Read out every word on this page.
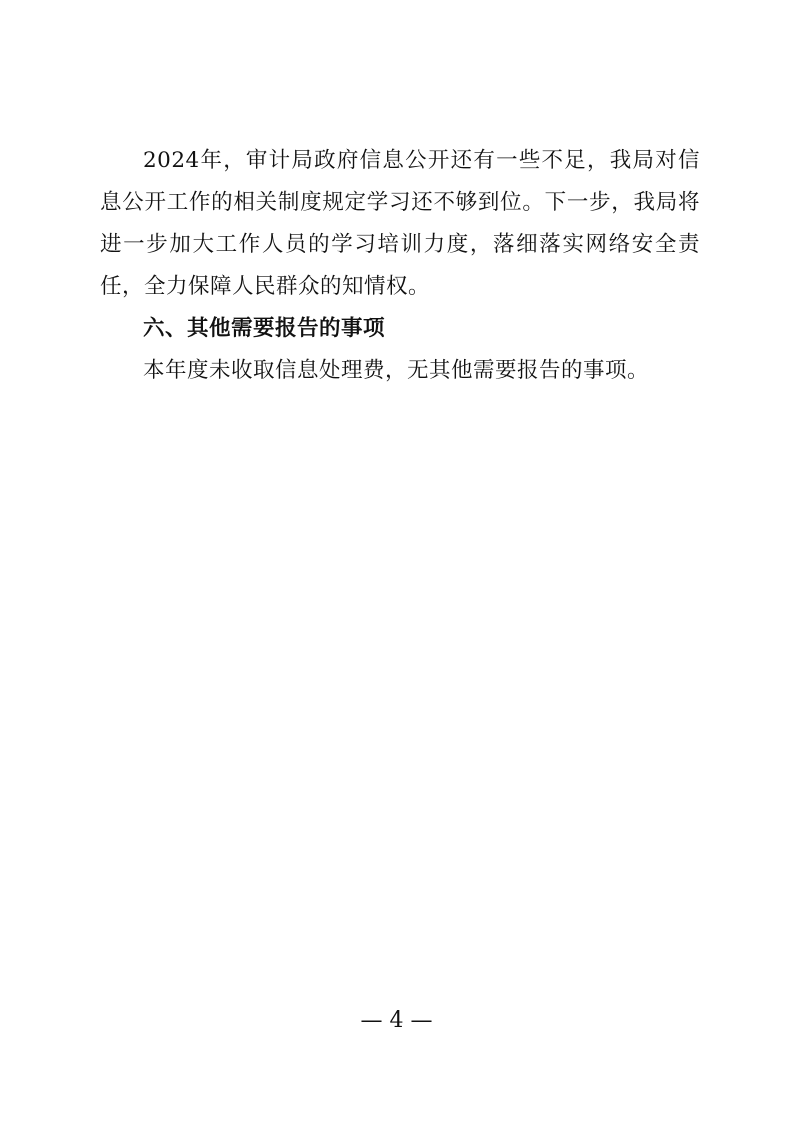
2024年，审计局政府信息公开还有一些不足，我局对信息公开工作的相关制度规定学习还不够到位。下一步，我局将进一步加大工作人员的学习培训力度，落细落实网络安全责任，全力保障人民群众的知情权。

六、其他需要报告的事项

本年度未收取信息处理费，无其他需要报告的事项。

— 4 —
